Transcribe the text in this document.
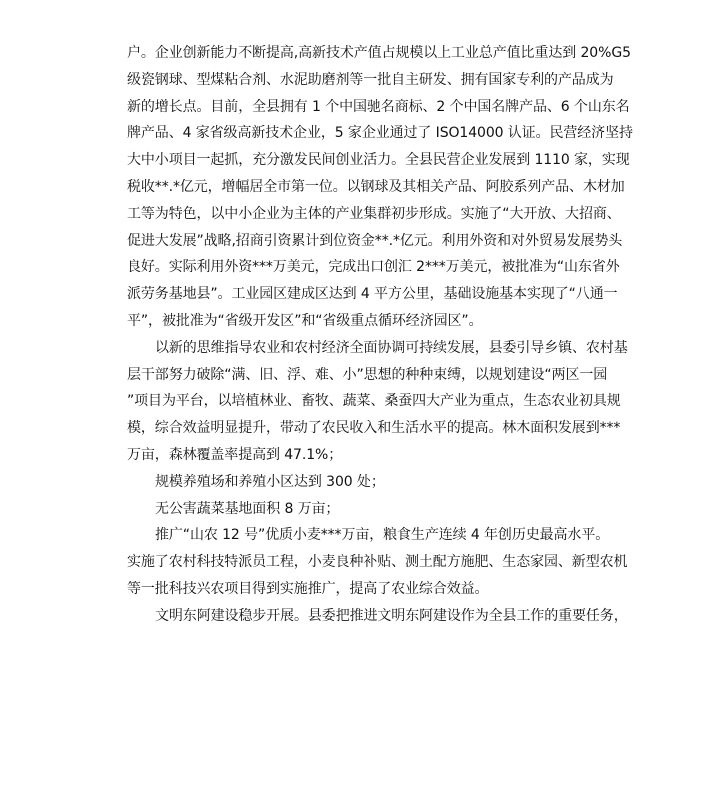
户。企业创新能力不断提高,高新技术产值占规模以上工业总产值比重达到 20%G5
级瓷钢球、型煤粘合剂、水泥助磨剂等一批自主研发、拥有国家专利的产品成为
新的增长点。目前，全县拥有 1 个中国驰名商标、2 个中国名牌产品、6 个山东名
牌产品、4 家省级高新技术企业，5 家企业通过了 ISO14000 认证。民营经济坚持
大中小项目一起抓，充分激发民间创业活力。全县民营企业发展到 1110 家，实现
税收**.*亿元，增幅居全市第一位。以钢球及其相关产品、阿胶系列产品、木材加
工等为特色，以中小企业为主体的产业集群初步形成。实施了“大开放、大招商、
促进大发展”战略,招商引资累计到位资金**.*亿元。利用外资和对外贸易发展势头
良好。实际利用外资***万美元，完成出口创汇 2***万美元，被批准为“山东省外
派劳务基地县”。工业园区建成区达到 4 平方公里，基础设施基本实现了“八通一
平”，被批准为“省级开发区”和“省级重点循环经济园区”。
以新的思维指导农业和农村经济全面协调可持续发展，县委引导乡镇、农村基
层干部努力破除“满、旧、浮、难、小”思想的种种束缚，以规划建设“两区一园
”项目为平台，以培植林业、畜牧、蔬菜、桑蚕四大产业为重点，生态农业初具规
模，综合效益明显提升，带动了农民收入和生活水平的提高。林木面积发展到***
万亩，森林覆盖率提高到 47.1%；
规模养殖场和养殖小区达到 300 处；
无公害蔬菜基地面积 8 万亩；
推广“山农 12 号”优质小麦***万亩，粮食生产连续 4 年创历史最高水平。
实施了农村科技特派员工程，小麦良种补贴、测土配方施肥、生态家园、新型农机
等一批科技兴农项目得到实施推广，提高了农业综合效益。
文明东阿建设稳步开展。县委把推进文明东阿建设作为全县工作的重要任务，
